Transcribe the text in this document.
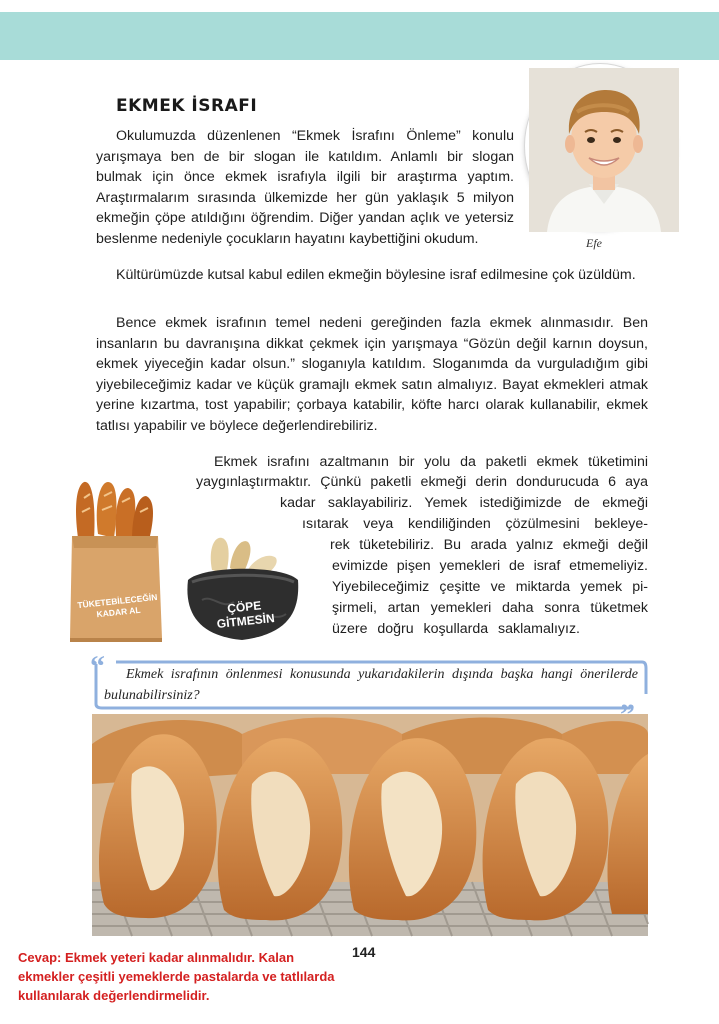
EKMEK İSRAFI

Okulumuzda düzenlenen “Ekmek İsrafını Önleme” konulu yarışmaya ben de bir slogan ile katıldım. Anlamlı bir slogan bulmak için önce ekmek israfıyla ilgili bir araştırma yaptım. Araştırmalarım sırasında ülkemizde her gün yaklaşık 5 milyon ekmeğin çöpe atıldığını öğrendim. Diğer yandan açlık ve yetersiz beslenme nedeniyle çocukların hayatını kaybettiğini okudum.	Efe

Kültürümüzde kutsal kabul edilen ekmeğin böylesine israf edilmesine çok üzüldüm.

Bence ekmek israfının temel nedeni gereğinden fazla ekmek alınmasıdır. Ben insanların bu davranışına dikkat çekmek için yarışmaya “Gözün değil karnın doysun, ekmek yiyeceğin kadar olsun.” sloganıyla katıldım. Sloganımda da vurguladığım gibi yiyebileceğimiz kadar ve küçük gramajlı ekmek satın almalıyız. Bayat ekmekleri atmak yerine kızartma, tost yapabilir; çorbaya katabilir, köfte harcı olarak kullanabilir, ekmek tatlısı yapabilir ve böylece değerlendirebiliriz.

Ekmek israfını azaltmanın bir yolu da paketli ekmek tüketimini
yaygınlaştırmaktır. Çünkü paketli ekmeği derin dondurucuda 6 aya
kadar saklayabiliriz. Yemek istediğimizde de ekmeği
ısıtarak veya kendiliğinden çözülmesini bekleye-
rek tüketebiliriz. Bu arada yalnız ekmeği değil
evimizde pişen yemekleri de israf etmemeliyiz.
Yiyebileceğimiz çeşitte ve miktarda yemek pi-
şirmeli, artan yemekleri daha sonra tüketmek
üzere doğru koşullarda saklamalıyız.
TÜKETEBİLECEĞİN KADAR AL	ÇÖPE GİTMESİN
“	Ekmek israfının önlenmesi konusunda yukarıdakilerin dışında başka hangi önerilerde bulunabilirsiniz?

144
Cevap: Ekmek yeteri kadar alınmalıdır. Kalan ekmekler çeşitli yemeklerde pastalarda ve tatlılarda kullanılarak değerlendirmelidir.
